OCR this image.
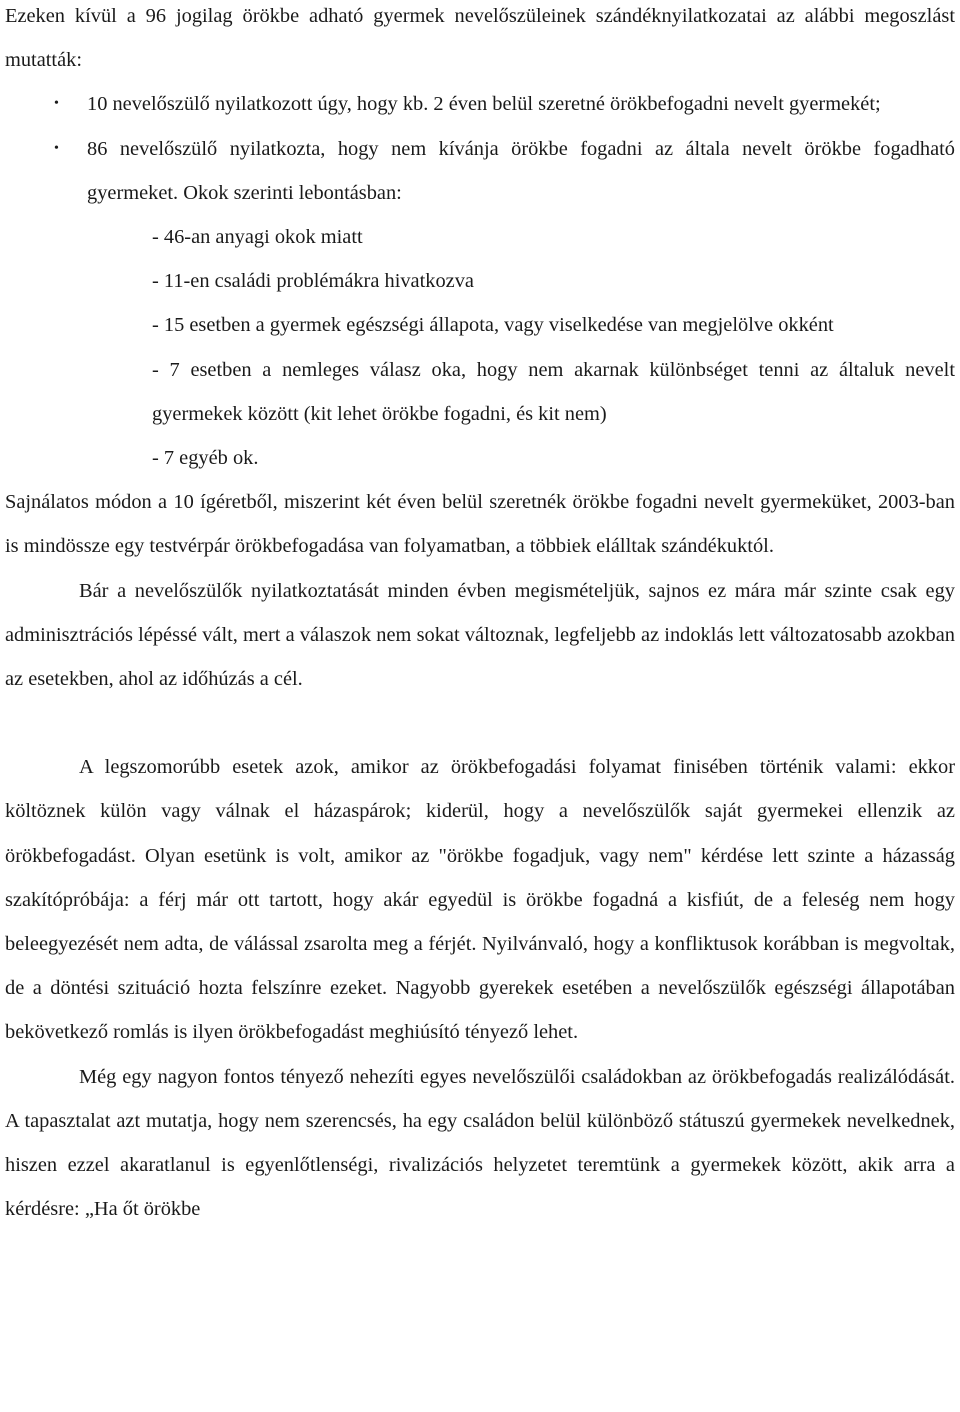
Ezeken kívül a 96 jogilag örökbe adható gyermek nevelőszüleinek szándéknyilatkozatai az alábbi megoszlást mutatták:

• 10 nevelőszülő nyilatkozott úgy, hogy kb. 2 éven belül szeretné örökbefogadni nevelt gyermekét;
• 86 nevelőszülő nyilatkozta, hogy nem kívánja örökbe fogadni az általa nevelt örökbe fogadható gyermeket. Okok szerinti lebontásban:

- 46-an anyagi okok miatt

- 11-en családi problémákra hivatkozva

- 15 esetben a gyermek egészségi állapota, vagy viselkedése van megjelölve okként

- 7 esetben a nemleges válasz oka, hogy nem akarnak különbséget tenni az általuk nevelt gyermekek között (kit lehet örökbe fogadni, és kit nem)

- 7 egyéb ok.

Sajnálatos módon a 10 ígéretből, miszerint két éven belül szeretnék örökbe fogadni nevelt gyermeküket, 2003-ban is mindössze egy testvérpár örökbefogadása van folyamatban, a többiek elálltak szándékuktól.

Bár a nevelőszülők nyilatkoztatását minden évben megismételjük, sajnos ez mára már szinte csak egy adminisztrációs lépéssé vált, mert a válaszok nem sokat változnak, legfeljebb az indoklás lett változatosabb azokban az esetekben, ahol az időhúzás a cél.

A legszomorúbb esetek azok, amikor az örökbefogadási folyamat finisében történik valami: ekkor költöznek külön vagy válnak el házaspárok; kiderül, hogy a nevelőszülők saját gyermekei ellenzik az örökbefogadást. Olyan esetünk is volt, amikor az "örökbe fogadjuk, vagy nem" kérdése lett szinte a házasság szakítópróbája: a férj már ott tartott, hogy akár egyedül is örökbe fogadná a kisfiút, de a feleség nem hogy beleegyezését nem adta, de válással zsarolta meg a férjét. Nyilvánvaló, hogy a konfliktusok korábban is megvoltak, de a döntési szituáció hozta felszínre ezeket. Nagyobb gyerekek esetében a nevelőszülők egészségi állapotában bekövetkező romlás is ilyen örökbefogadást meghiúsító tényező lehet.

Még egy nagyon fontos tényező nehezíti egyes nevelőszülői családokban az örökbefogadás realizálódását. A tapasztalat azt mutatja, hogy nem szerencsés, ha egy családon belül különböző státuszú gyermekek nevelkednek, hiszen ezzel akaratlanul is egyenlőtlenségi, rivalizációs helyzetet teremtünk a gyermekek között, akik arra a kérdésre: „Ha őt örökbe
